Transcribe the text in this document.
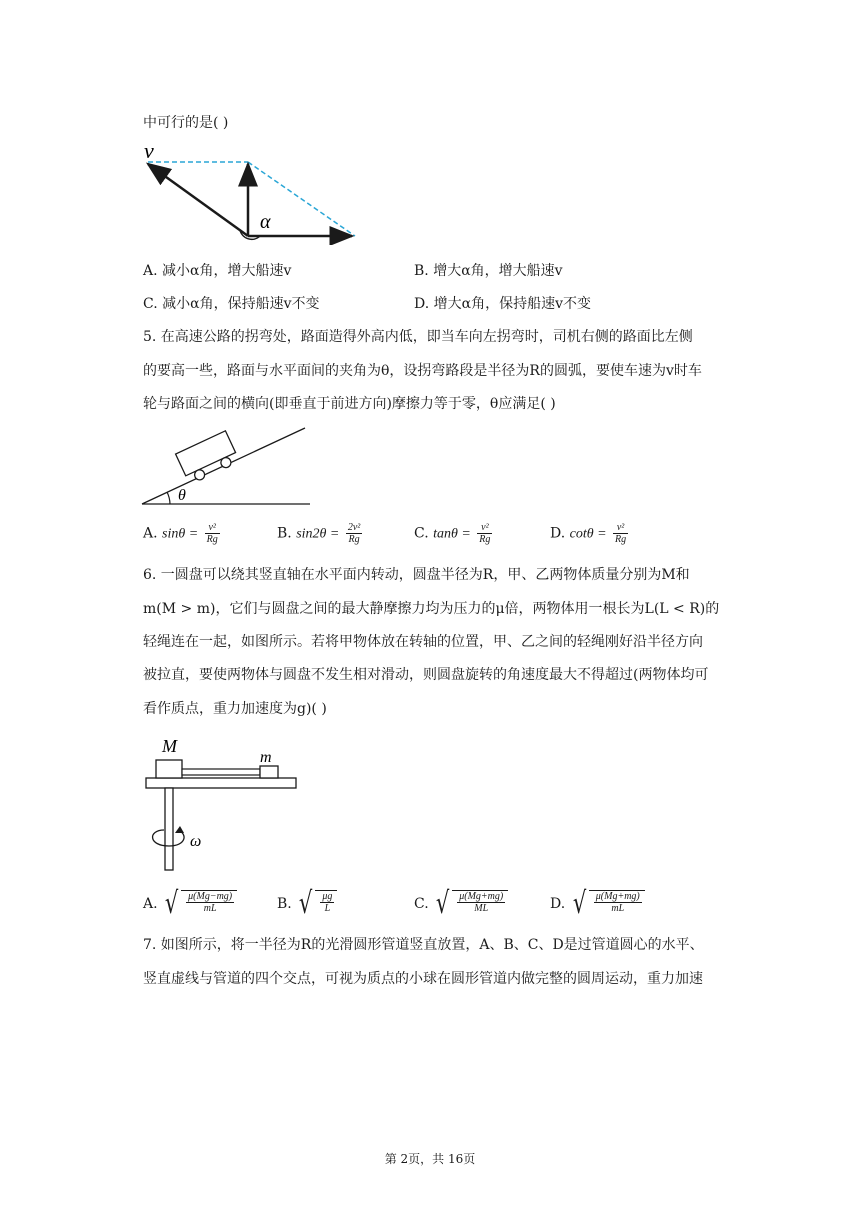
中可行的是( )
v
α
A. 减小α角，增大船速v	B. 增大α角，增大船速v
C. 减小α角，保持船速v不变	D. 增大α角，保持船速v不变
5. 在高速公路的拐弯处，路面造得外高内低，即当车向左拐弯时，司机右侧的路面比左侧
的要高一些，路面与水平面间的夹角为θ，设拐弯路段是半径为R的圆弧，要使车速为v时车
轮与路面之间的横向(即垂直于前进方向)摩擦力等于零，θ应满足( )
θ
A. $\sin\theta = \frac{\text{v²}}{Rg}$	B. $\sin 2\theta = \frac{\text{2v²}}{Rg}$	C. $\tan\theta = \frac{\text{v²}}{Rg}$	D. $\cot\theta = \frac{\text{v²}}{Rg}$
6. 一圆盘可以绕其竖直轴在水平面内转动，圆盘半径为R，甲、乙两物体质量分别为M和
m(M > m)，它们与圆盘之间的最大静摩擦力均为压力的μ倍，两物体用一根长为L(L < R)的
轻绳连在一起，如图所示。若将甲物体放在转轴的位置，甲、乙之间的轻绳刚好沿半径方向
被拉直，要使两物体与圆盘不发生相对滑动，则圆盘旋转的角速度最大不得超过(两物体均可
看作质点，重力加速度为g)( )
M
m
ω
A. √ $\frac{\mu(Mg-mg)}{mL}$	B. √ $\frac{\mu g}{L}$	C. √ $\frac{\mu(Mg+mg)}{ML}$	D. √ $\frac{\mu(Mg+mg)}{mL}$
7. 如图所示，将一半径为R的光滑圆形管道竖直放置，A、B、C、D是过管道圆心的水平、
竖直虚线与管道的四个交点，可视为质点的小球在圆形管道内做完整的圆周运动，重力加速
第 2页，共 16页
